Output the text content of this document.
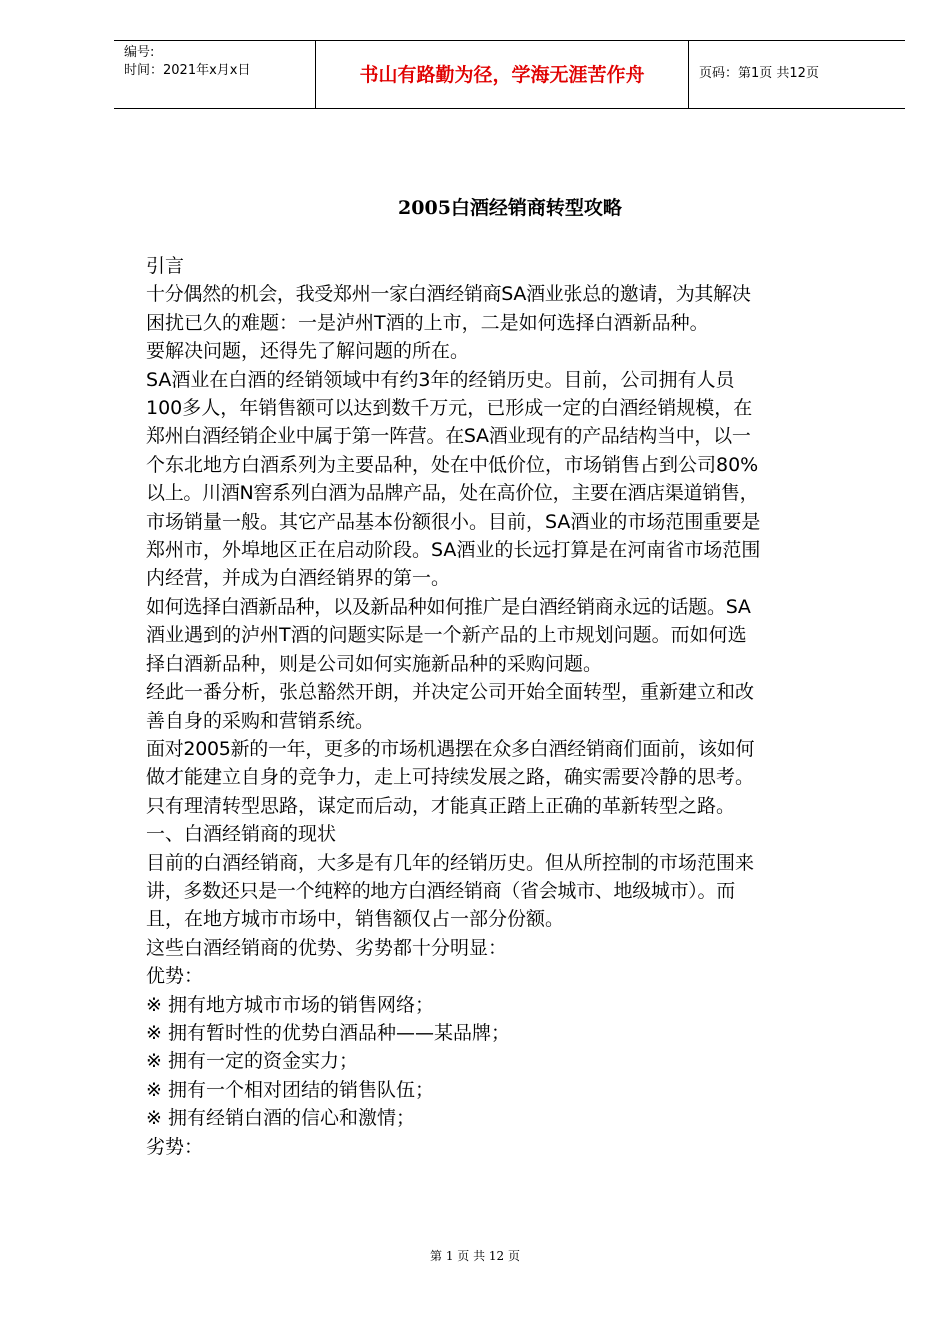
编号:
时间：2021年x月x日	书山有路勤为径，学海无涯苦作舟	页码：第1页 共12页
2005白酒经销商转型攻略

引言

十分偶然的机会，我受郑州一家白酒经销商SA酒业张总的邀请，为其解决

困扰已久的难题：一是泸州T酒的上市，二是如何选择白酒新品种。

要解决问题，还得先了解问题的所在。

SA酒业在白酒的经销领域中有约3年的经销历史。目前，公司拥有人员

100多人，年销售额可以达到数千万元，已形成一定的白酒经销规模，在

郑州白酒经销企业中属于第一阵营。在SA酒业现有的产品结构当中，以一

个东北地方白酒系列为主要品种，处在中低价位，市场销售占到公司80%

以上。川酒N窖系列白酒为品牌产品，处在高价位，主要在酒店渠道销售，

市场销量一般。其它产品基本份额很小。目前，SA酒业的市场范围重要是

郑州市，外埠地区正在启动阶段。SA酒业的长远打算是在河南省市场范围

内经营，并成为白酒经销界的第一。

如何选择白酒新品种，以及新品种如何推广是白酒经销商永远的话题。SA

酒业遇到的泸州T酒的问题实际是一个新产品的上市规划问题。而如何选

择白酒新品种，则是公司如何实施新品种的采购问题。

经此一番分析，张总豁然开朗，并决定公司开始全面转型，重新建立和改

善自身的采购和营销系统。

面对2005新的一年，更多的市场机遇摆在众多白酒经销商们面前，该如何

做才能建立自身的竞争力，走上可持续发展之路，确实需要冷静的思考。

只有理清转型思路，谋定而后动，才能真正踏上正确的革新转型之路。

一、白酒经销商的现状

目前的白酒经销商，大多是有几年的经销历史。但从所控制的市场范围来

讲，多数还只是一个纯粹的地方白酒经销商（省会城市、地级城市）。而

且，在地方城市市场中，销售额仅占一部分份额。

这些白酒经销商的优势、劣势都十分明显：

优势：

※ 拥有地方城市市场的销售网络；

※ 拥有暂时性的优势白酒品种——某品牌；

※ 拥有一定的资金实力；

※ 拥有一个相对团结的销售队伍；

※ 拥有经销白酒的信心和激情；

劣势：

第 1 页 共 12 页
